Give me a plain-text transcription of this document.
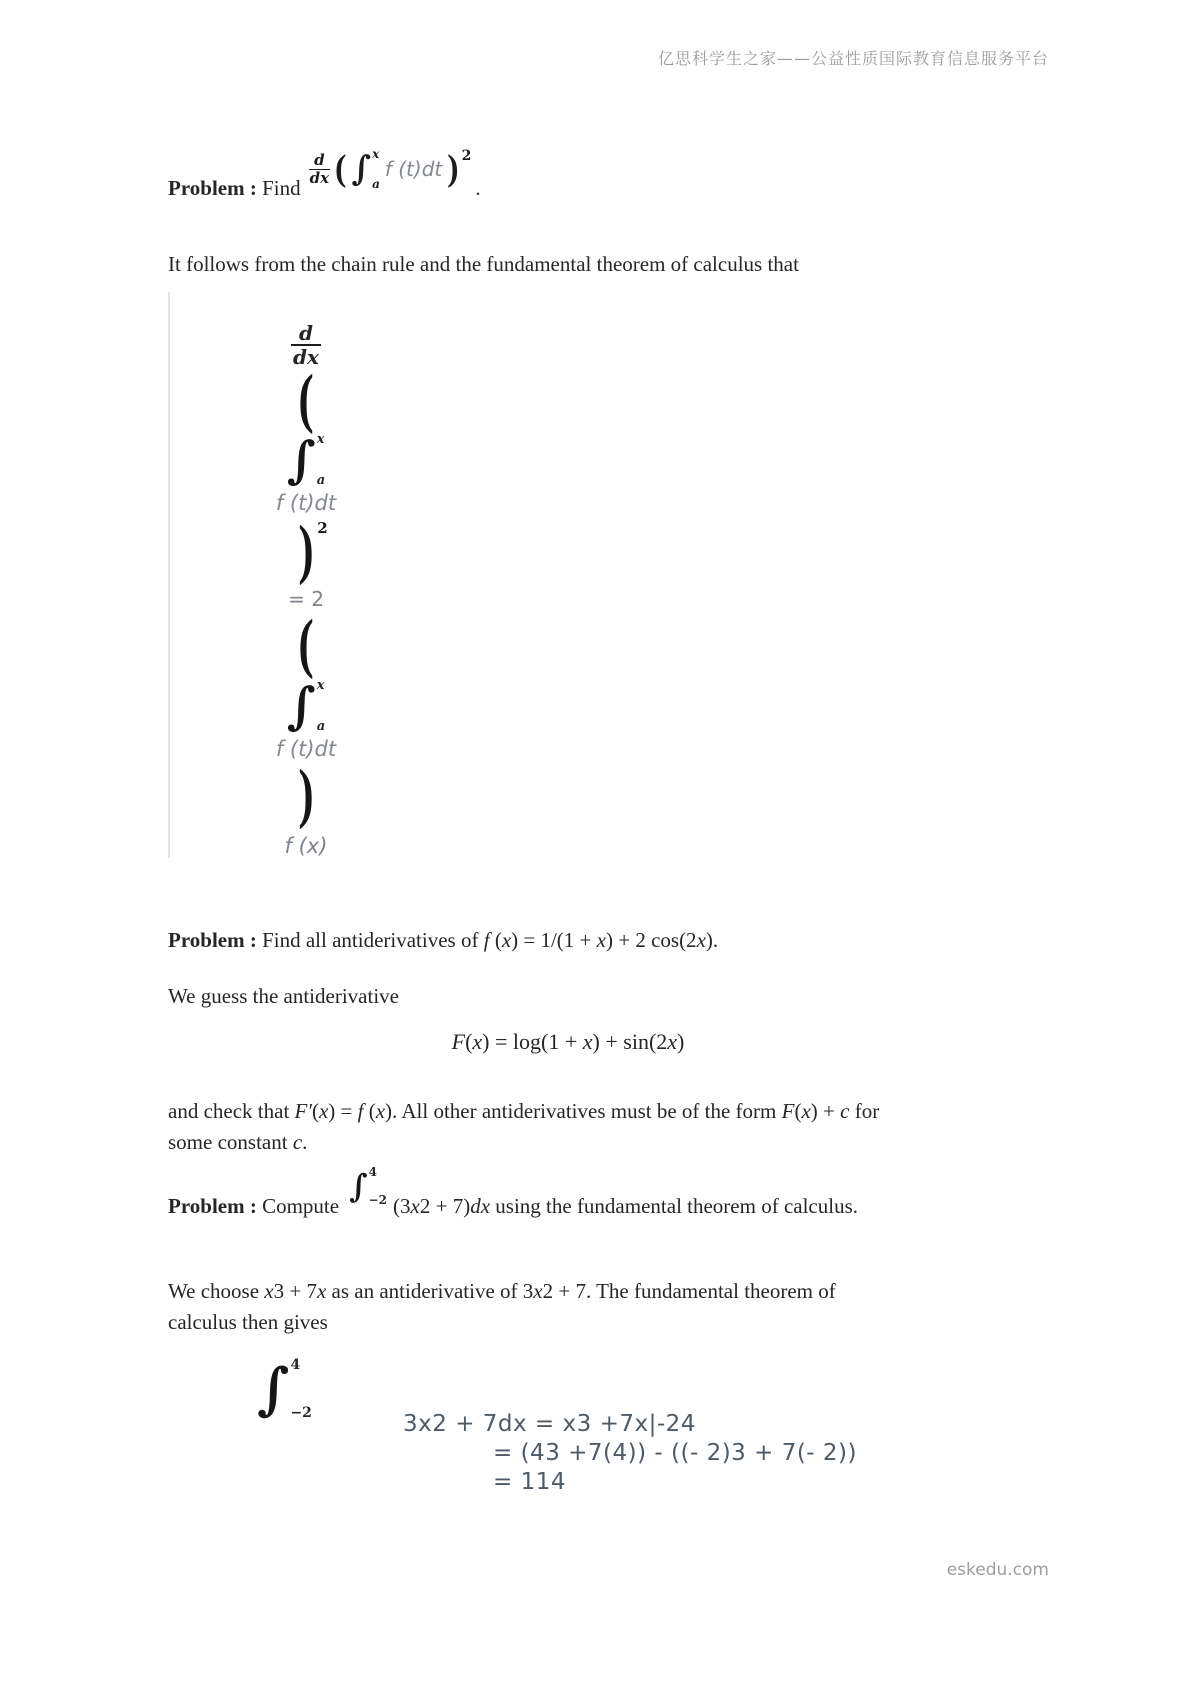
亿思科学生之家——公益性质国际教育信息服务平台
Problem : Find
$\frac{d}{dx}$ ( ∫ x
a
f (t)dt ) 2
.
It follows from the chain rule and the fundamental theorem of calculus that
$\frac{d}{dx}$
(
∫ x
a
f (t)dt
) 2
= 2
(
∫ x
a
f (t)dt
)
f (x)
Problem : Find all antiderivatives of f (x) = 1/(1 + x) + 2 cos(2x).
We guess the antiderivative
F(x) = log(1 + x) + sin(2x)
and check that F′(x) = f (x). All other antiderivatives must be of the form F(x) + c for
some constant c.
Problem : Compute
∫ 4
−2 (3x2 + 7)dx using the fundamental theorem of calculus.
We choose x3 + 7x as an antiderivative of 3x2 + 7. The fundamental theorem of
calculus then gives
∫ 4
−2	3x2 + 7dx = x3 +7x|-24
= (43 +7(4)) - ((- 2)3 + 7(- 2))
= 114
eskedu.com
